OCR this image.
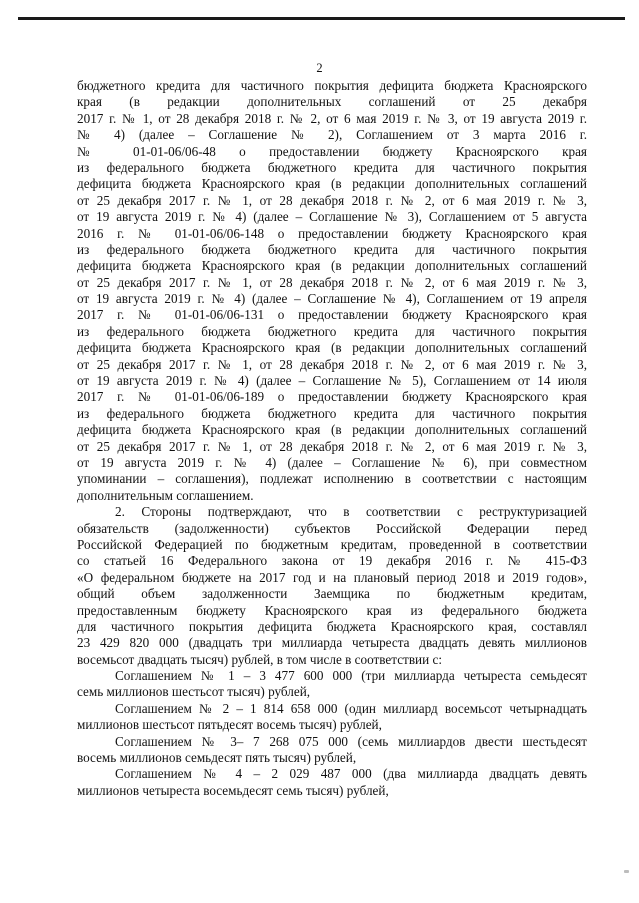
2
бюджетного кредита для частичного покрытия дефицита бюджета Красноярского
края (в редакции дополнительных соглашений от 25 декабря
2017 г. № 1, от 28 декабря 2018 г. № 2, от 6 мая 2019 г. № 3, от 19 августа 2019 г.
№ 4) (далее – Соглашение № 2), Соглашением от 3 марта 2016 г.
№ 01-01-06/06-48 о предоставлении бюджету Красноярского края
из федерального бюджета бюджетного кредита для частичного покрытия
дефицита бюджета Красноярского края (в редакции дополнительных соглашений
от 25 декабря 2017 г. № 1, от 28 декабря 2018 г. № 2, от 6 мая 2019 г. № 3,
от 19 августа 2019 г. № 4) (далее – Соглашение № 3), Соглашением от 5 августа
2016 г. № 01-01-06/06-148 о предоставлении бюджету Красноярского края
из федерального бюджета бюджетного кредита для частичного покрытия
дефицита бюджета Красноярского края (в редакции дополнительных соглашений
от 25 декабря 2017 г. № 1, от 28 декабря 2018 г. № 2, от 6 мая 2019 г. № 3,
от 19 августа 2019 г. № 4) (далее – Соглашение № 4), Соглашением от 19 апреля
2017 г. № 01-01-06/06-131 о предоставлении бюджету Красноярского края
из федерального бюджета бюджетного кредита для частичного покрытия
дефицита бюджета Красноярского края (в редакции дополнительных соглашений
от 25 декабря 2017 г. № 1, от 28 декабря 2018 г. № 2, от 6 мая 2019 г. № 3,
от 19 августа 2019 г. № 4) (далее – Соглашение № 5), Соглашением от 14 июля
2017 г. № 01-01-06/06-189 о предоставлении бюджету Красноярского края
из федерального бюджета бюджетного кредита для частичного покрытия
дефицита бюджета Красноярского края (в редакции дополнительных соглашений
от 25 декабря 2017 г. № 1, от 28 декабря 2018 г. № 2, от 6 мая 2019 г. № 3,
от 19 августа 2019 г. № 4) (далее – Соглашение № 6), при совместном
упоминании – соглашения), подлежат исполнению в соответствии с настоящим
дополнительным соглашением.
2. Стороны подтверждают, что в соответствии с реструктуризацией
обязательств (задолженности) субъектов Российской Федерации перед
Российской Федерацией по бюджетным кредитам, проведенной в соответствии
со статьей 16 Федерального закона от 19 декабря 2016 г. № 415-ФЗ
«О федеральном бюджете на 2017 год и на плановый период 2018 и 2019 годов»,
общий объем задолженности Заемщика по бюджетным кредитам,
предоставленным бюджету Красноярского края из федерального бюджета
для частичного покрытия дефицита бюджета Красноярского края, составлял
23 429 820 000 (двадцать три миллиарда четыреста двадцать девять миллионов
восемьсот двадцать тысяч) рублей, в том числе в соответствии с:
Соглашением № 1 – 3 477 600 000 (три миллиарда четыреста семьдесят
семь миллионов шестьсот тысяч) рублей,
Соглашением № 2 – 1 814 658 000 (один миллиард восемьсот четырнадцать
миллионов шестьсот пятьдесят восемь тысяч) рублей,
Соглашением № 3– 7 268 075 000 (семь миллиардов двести шестьдесят
восемь миллионов семьдесят пять тысяч) рублей,
Соглашением № 4 – 2 029 487 000 (два миллиарда двадцать девять
миллионов четыреста восемьдесят семь тысяч) рублей,
